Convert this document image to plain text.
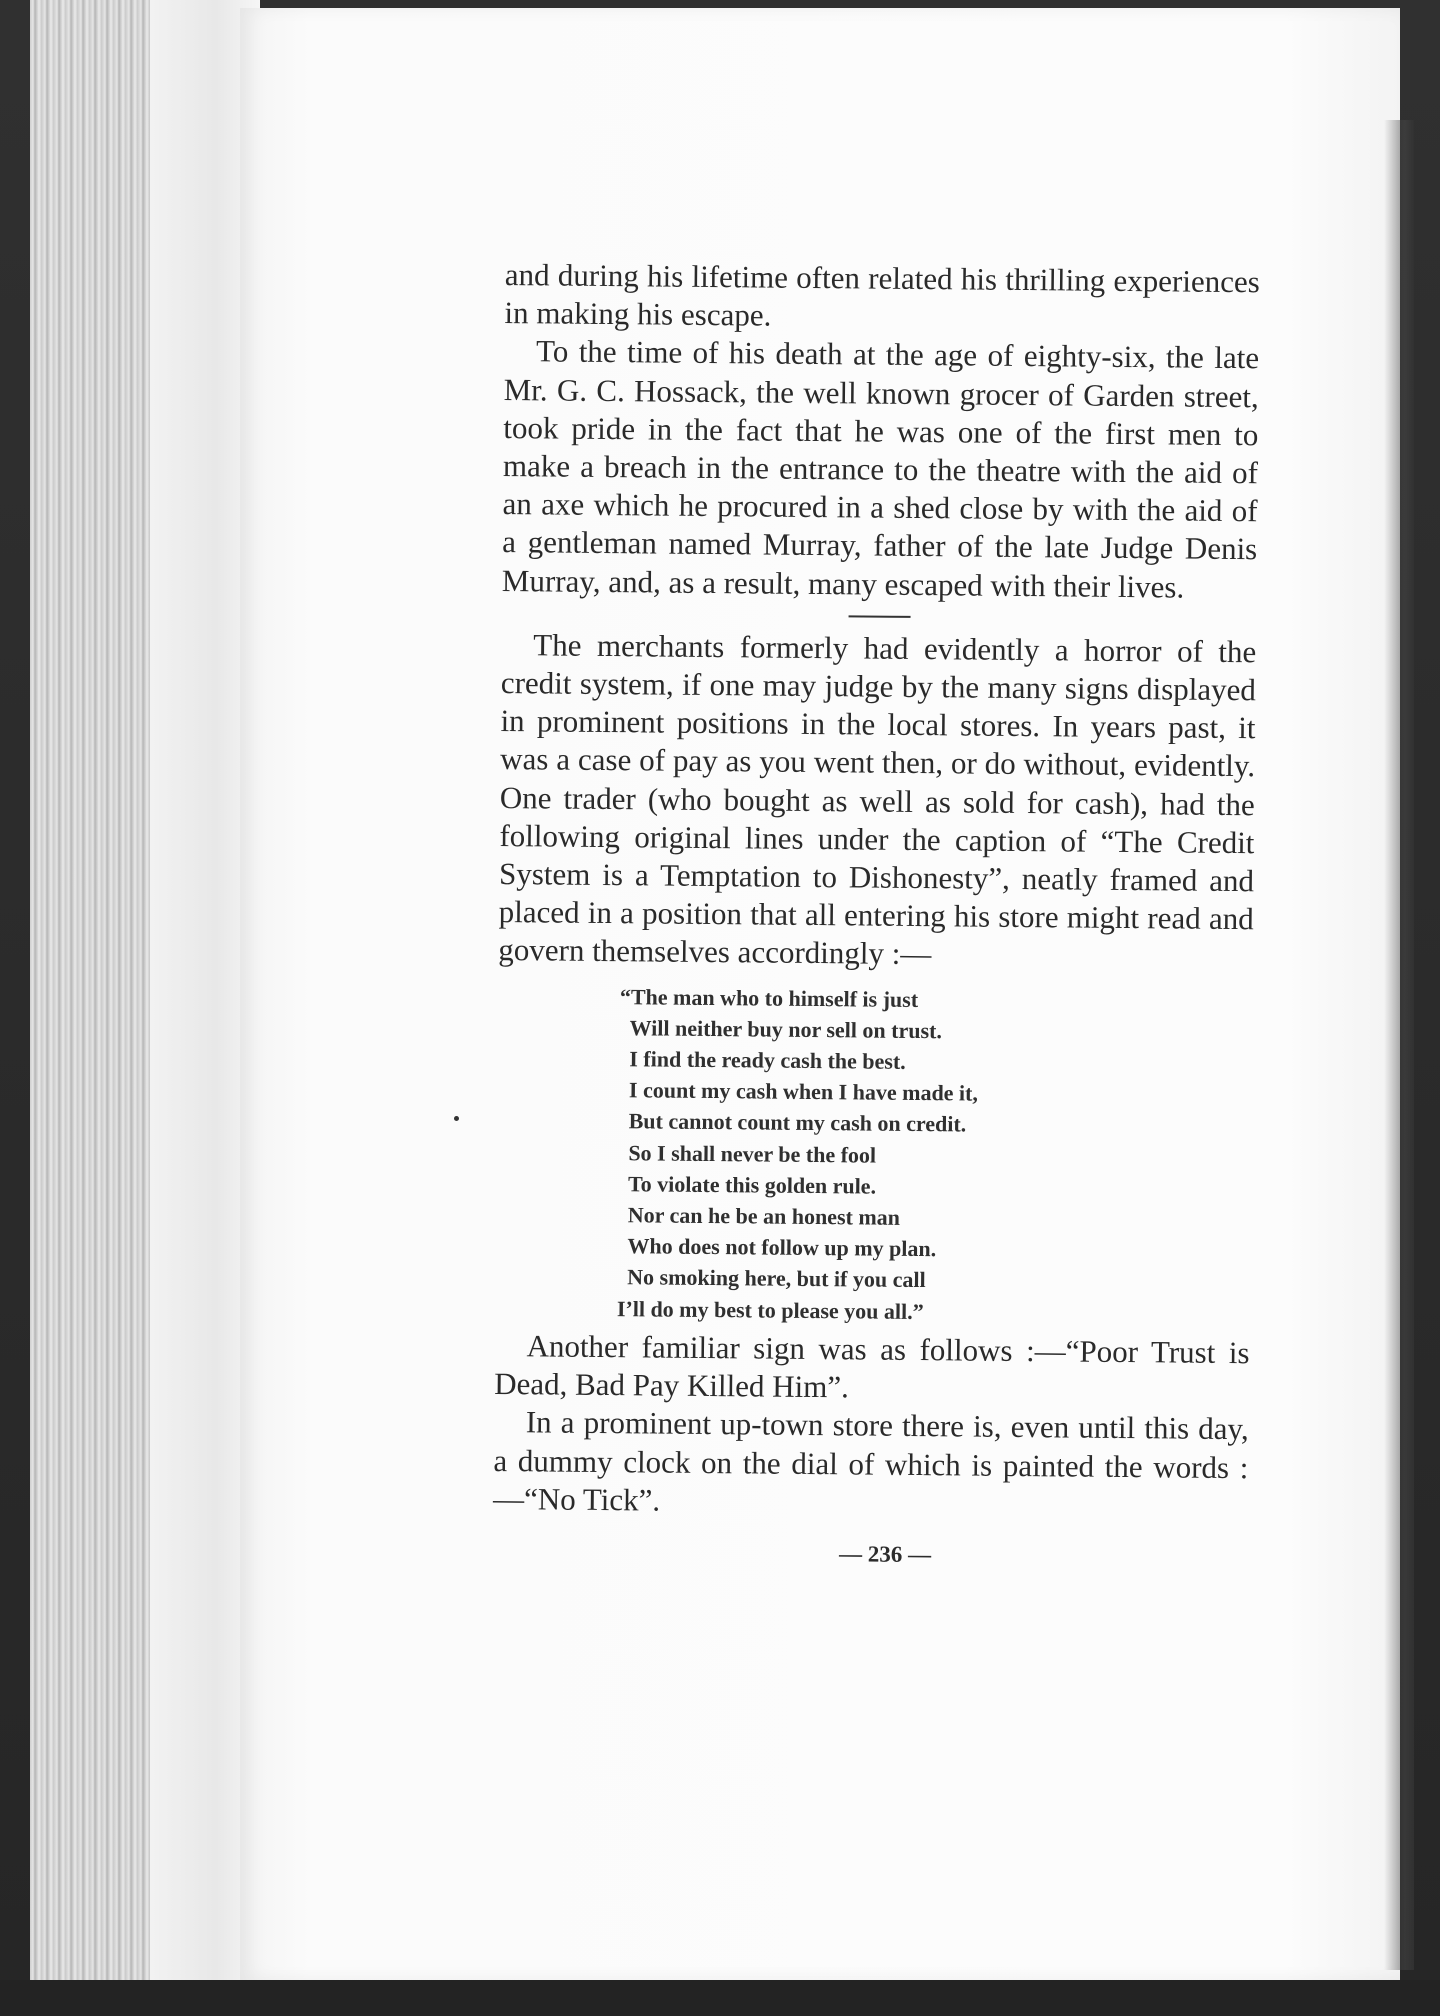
and during his lifetime often related his thrilling experiences in making his escape.

To the time of his death at the age of eighty-six, the late Mr. G. C. Hossack, the well known grocer of Garden street, took pride in the fact that he was one of the first men to make a breach in the entrance to the theatre with the aid of an axe which he procured in a shed close by with the aid of a gentleman named Murray, father of the late Judge Denis Murray, and, as a result, many escaped with their lives.

The merchants formerly had evidently a horror of the credit system, if one may judge by the many signs displayed in prominent positions in the local stores. In years past, it was a case of pay as you went then, or do without, evidently. One trader (who bought as well as sold for cash), had the following original lines under the caption of “The Credit System is a Temptation to Dishonesty”, neatly framed and placed in a position that all entering his store might read and govern themselves accordingly :—

“The man who to himself is just
Will neither buy nor sell on trust.
I find the ready cash the best.
I count my cash when I have made it,
But cannot count my cash on credit.
So I shall never be the fool
To violate this golden rule.
Nor can he be an honest man
Who does not follow up my plan.
No smoking here, but if you call
I’ll do my best to please you all.”

Another familiar sign was as follows :—“Poor Trust is Dead, Bad Pay Killed Him”.

In a prominent up-town store there is, even until this day, a dummy clock on the dial of which is painted the words :—“No Tick”.

— 236 —
